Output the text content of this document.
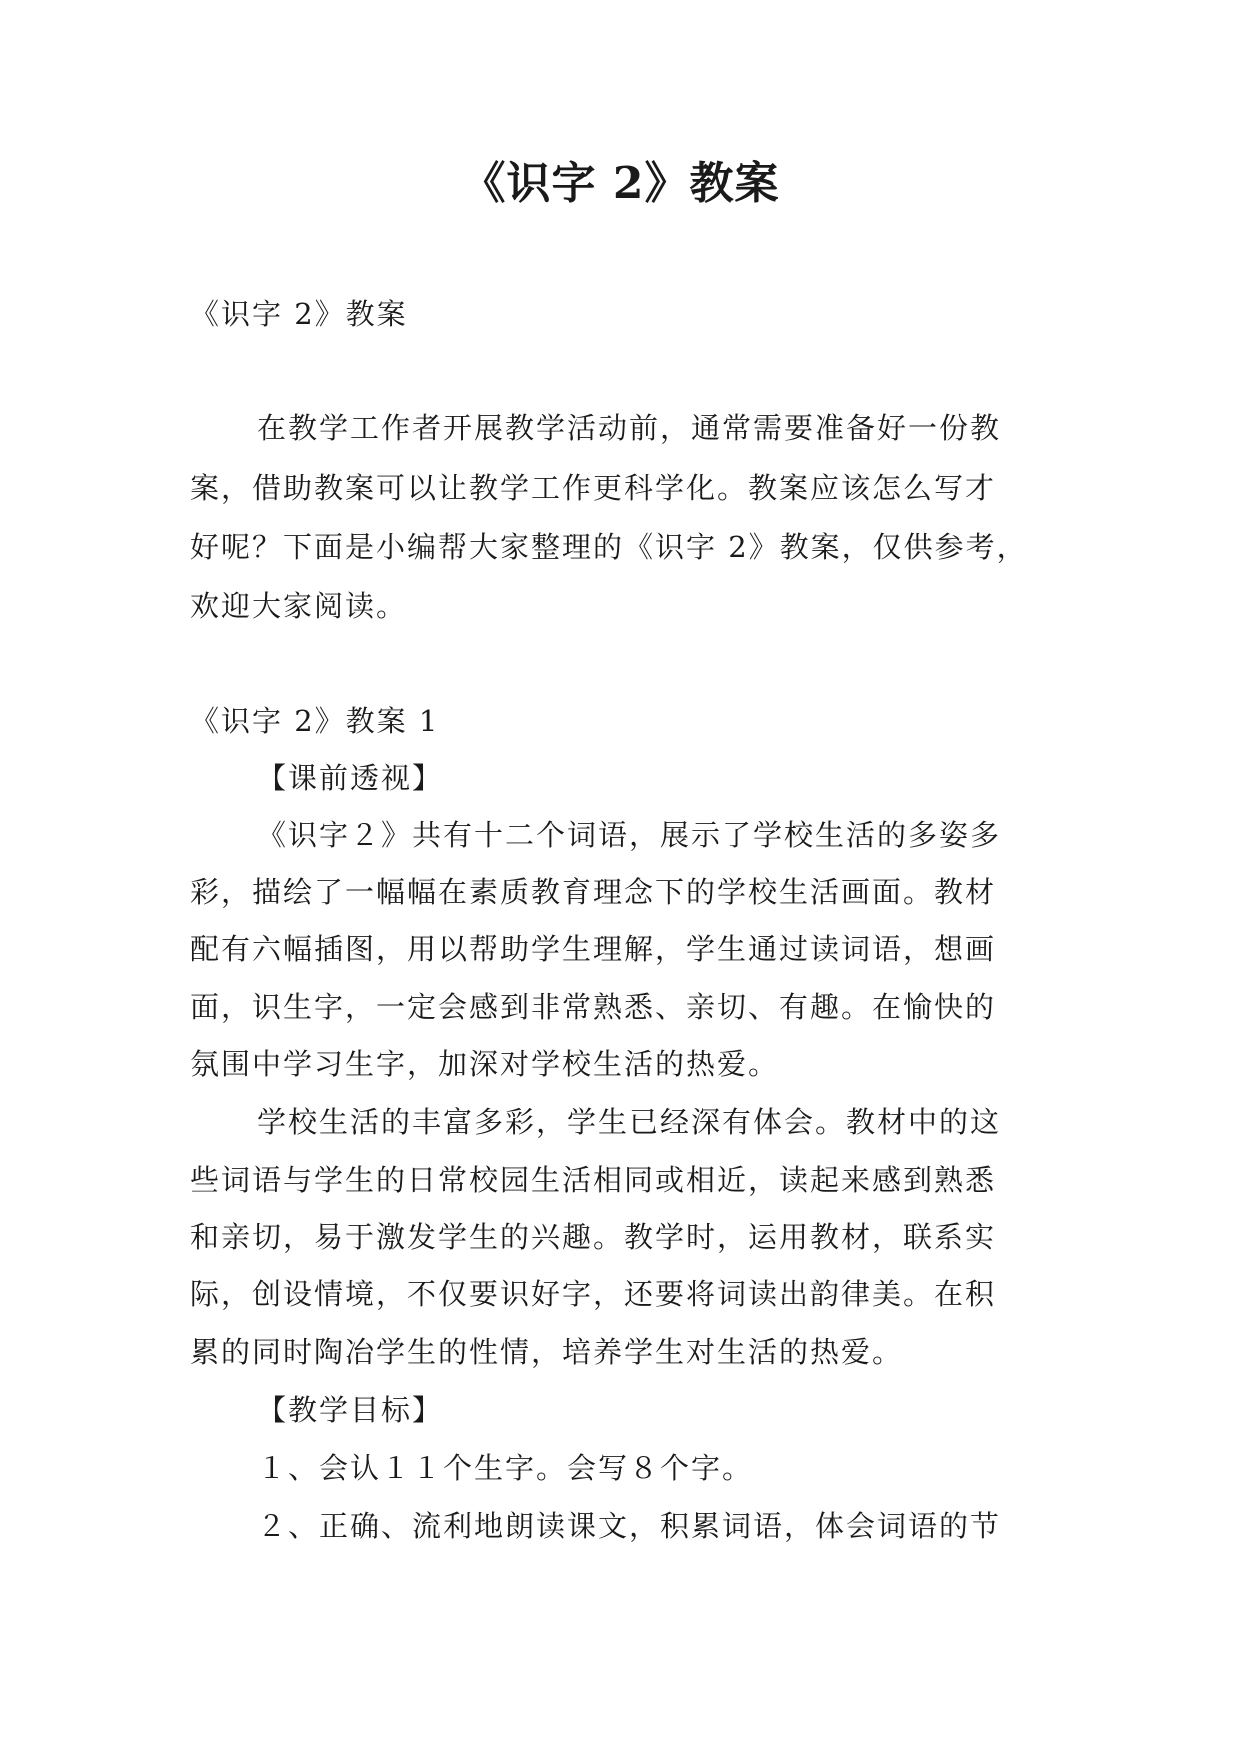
《识字 2》教案
《识字 2》教案
在教学工作者开展教学活动前，通常需要准备好一份教
案，借助教案可以让教学工作更科学化。教案应该怎么写才
好呢？下面是小编帮大家整理的《识字 2》教案，仅供参考，
欢迎大家阅读。
《识字 2》教案 1
【课前透视】
《识字２》共有十二个词语，展示了学校生活的多姿多
彩，描绘了一幅幅在素质教育理念下的学校生活画面。教材
配有六幅插图，用以帮助学生理解，学生通过读词语，想画
面，识生字，一定会感到非常熟悉、亲切、有趣。在愉快的
氛围中学习生字，加深对学校生活的热爱。
学校生活的丰富多彩，学生已经深有体会。教材中的这
些词语与学生的日常校园生活相同或相近，读起来感到熟悉
和亲切，易于激发学生的兴趣。教学时，运用教材，联系实
际，创设情境，不仅要识好字，还要将词读出韵律美。在积
累的同时陶冶学生的性情，培养学生对生活的热爱。
【教学目标】
１、会认１１个生字。会写８个字。
２、正确、流利地朗读课文，积累词语，体会词语的节
